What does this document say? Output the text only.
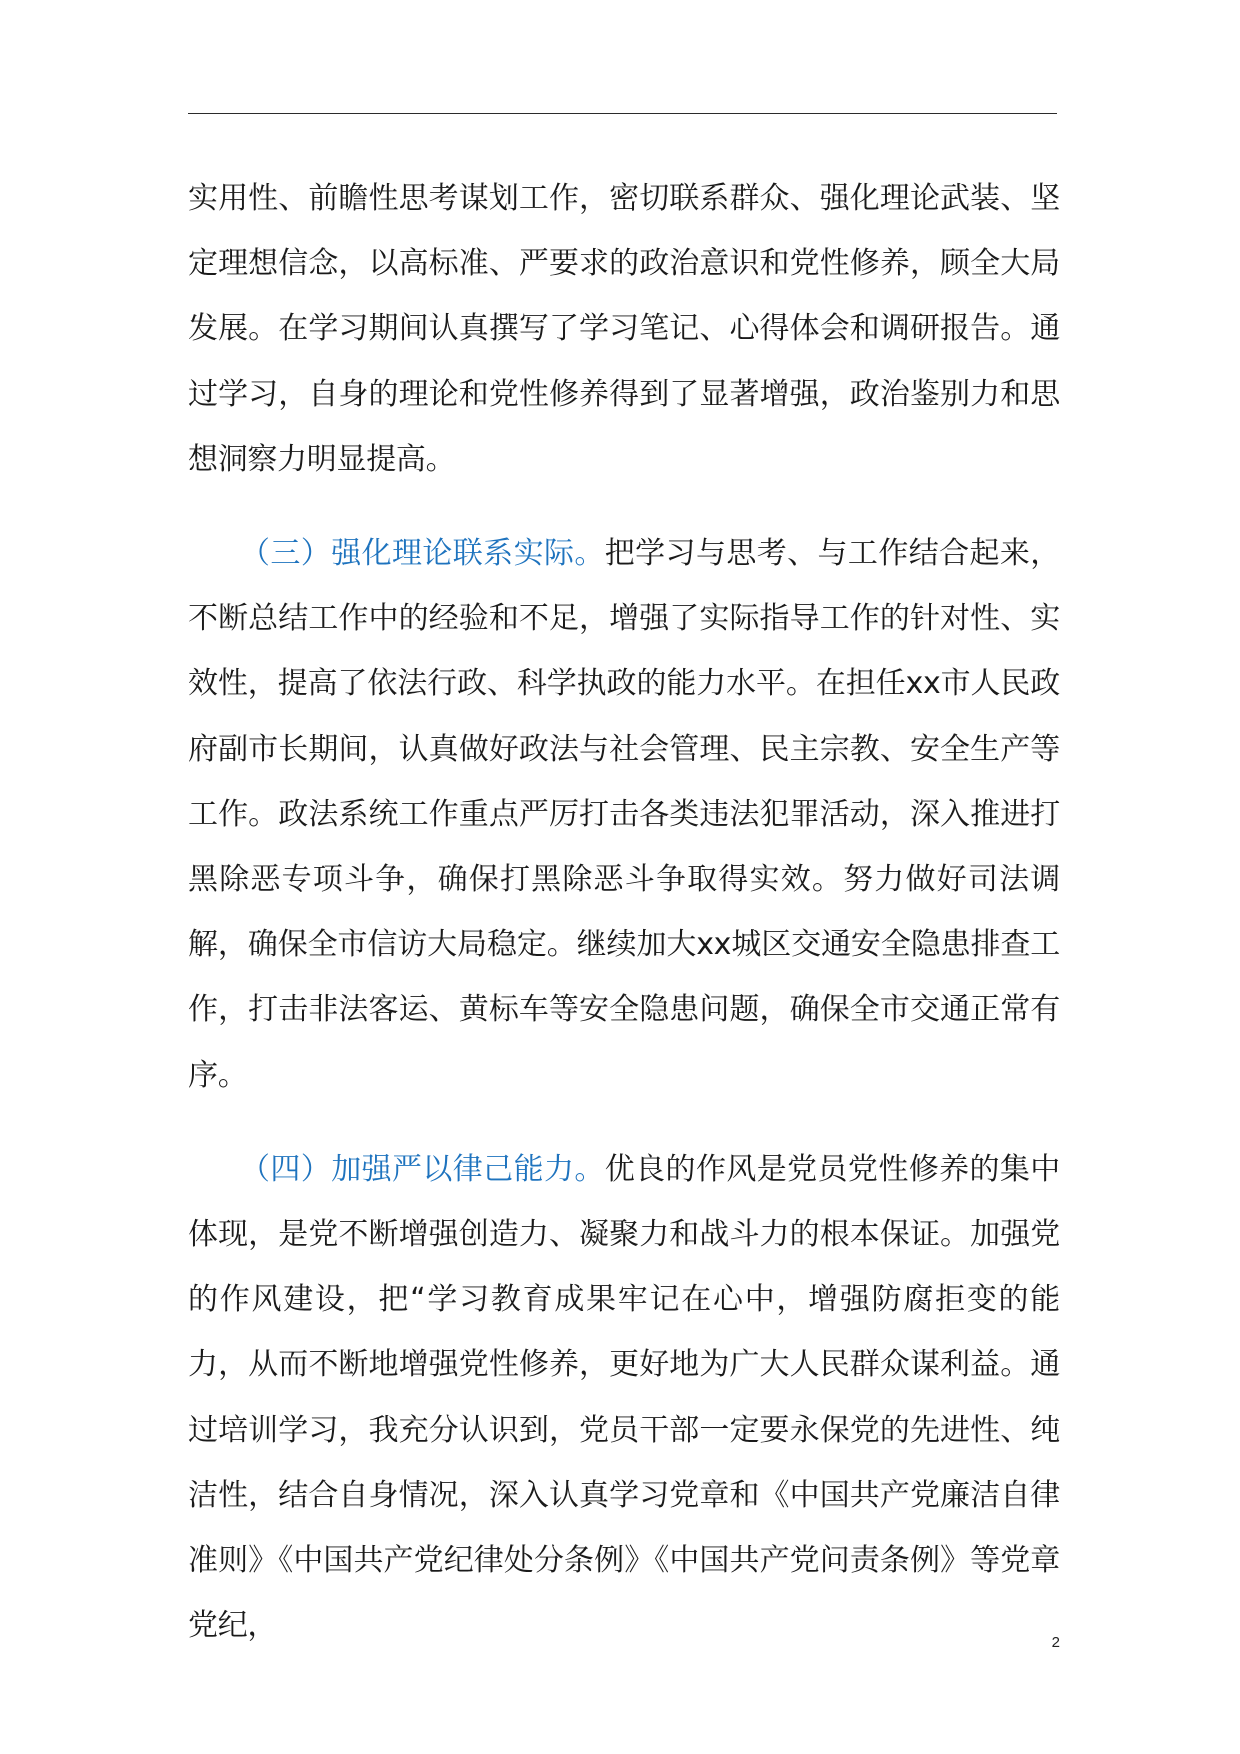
实用性、前瞻性思考谋划工作，密切联系群众、强化理论武装、坚定理想信念，以高标准、严要求的政治意识和党性修养，顾全大局发展。在学习期间认真撰写了学习笔记、心得体会和调研报告。通过学习，自身的理论和党性修养得到了显著增强，政治鉴别力和思想洞察力明显提高。

（三）强化理论联系实际。把学习与思考、与工作结合起来，不断总结工作中的经验和不足，增强了实际指导工作的针对性、实效性，提高了依法行政、科学执政的能力水平。在担任xx市人民政府副市长期间，认真做好政法与社会管理、民主宗教、安全生产等工作。政法系统工作重点严厉打击各类违法犯罪活动，深入推进打黑除恶专项斗争，确保打黑除恶斗争取得实效。努力做好司法调解，确保全市信访大局稳定。继续加大xx城区交通安全隐患排查工作，打击非法客运、黄标车等安全隐患问题，确保全市交通正常有序。

（四）加强严以律己能力。优良的作风是党员党性修养的集中体现，是党不断增强创造力、凝聚力和战斗力的根本保证。加强党的作风建设，把“学习教育成果牢记在心中，增强防腐拒变的能力，从而不断地增强党性修养，更好地为广大人民群众谋利益。通过培训学习，我充分认识到，党员干部一定要永保党的先进性、纯洁性，结合自身情况，深入认真学习党章和《中国共产党廉洁自律准则》《中国共产党纪律处分条例》《中国共产党问责条例》等党章党纪，	2
